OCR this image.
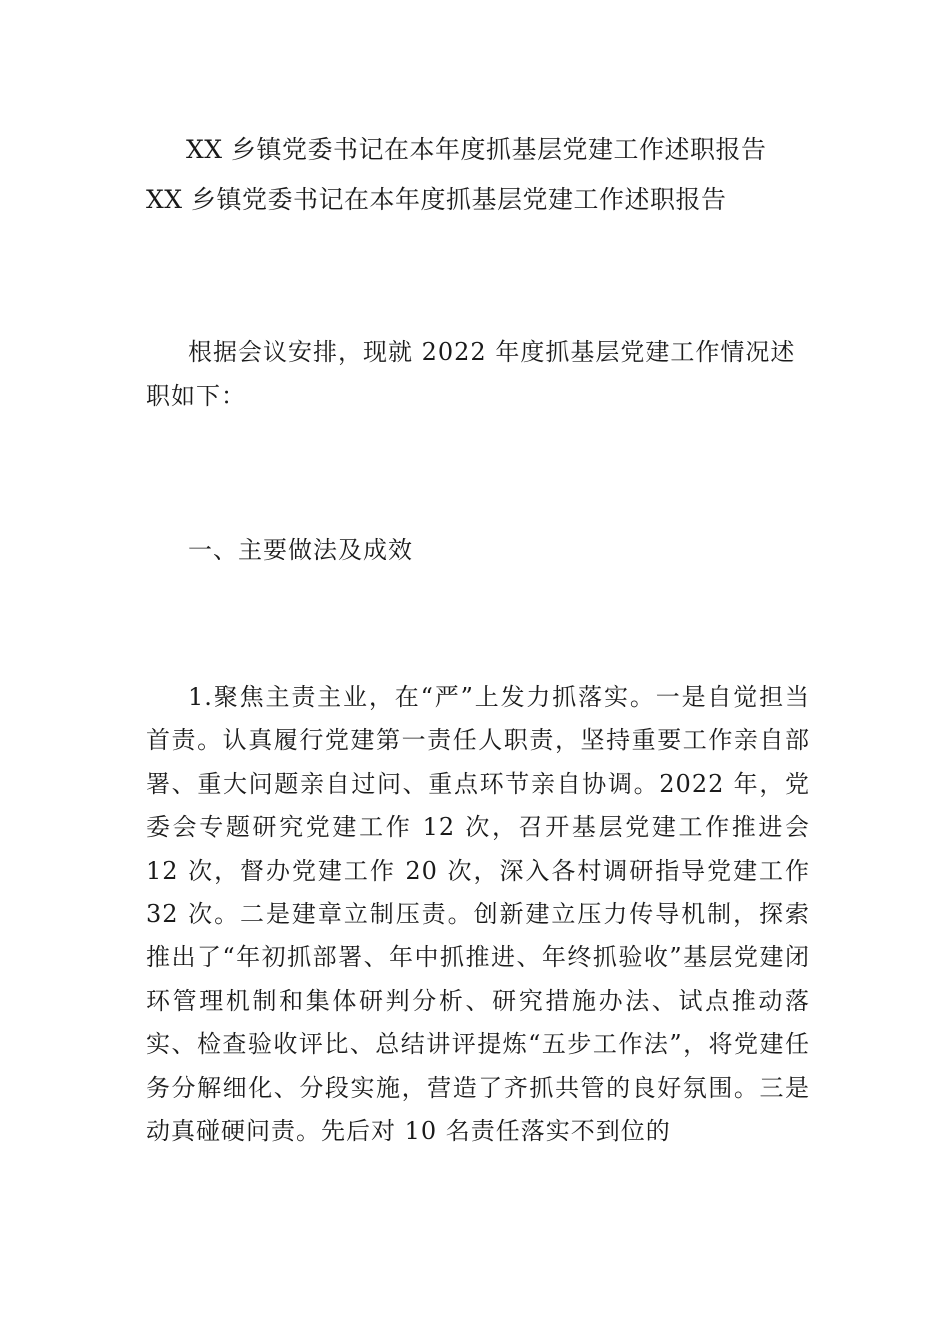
XX 乡镇党委书记在本年度抓基层党建工作述职报告
XX 乡镇党委书记在本年度抓基层党建工作述职报告

根据会议安排，现就 2022 年度抓基层党建工作情况述职如下：

一、主要做法及成效

1.聚焦主责主业，在“严”上发力抓落实。一是自觉担当首责。认真履行党建第一责任人职责，坚持重要工作亲自部署、重大问题亲自过问、重点环节亲自协调。2022 年，党委会专题研究党建工作 12 次，召开基层党建工作推进会 12 次，督办党建工作 20 次，深入各村调研指导党建工作 32 次。二是建章立制压责。创新建立压力传导机制，探索推出了“年初抓部署、年中抓推进、年终抓验收”基层党建闭环管理机制和集体研判分析、研究措施办法、试点推动落实、检查验收评比、总结讲评提炼“五步工作法”，将党建任务分解细化、分段实施，营造了齐抓共管的良好氛围。三是动真碰硬问责。先后对 10 名责任落实不到位的
